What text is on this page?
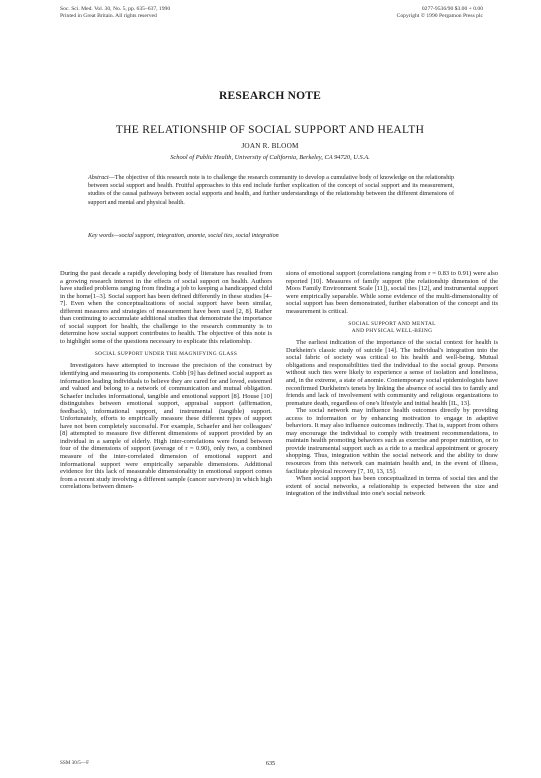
Soc. Sci. Med. Vol. 30, No. 5, pp. 635–637, 1990
Printed in Great Britain. All rights reserved
0277-9536/90 $3.00 + 0.00
Copyright © 1990 Pergamon Press plc
RESEARCH NOTE
THE RELATIONSHIP OF SOCIAL SUPPORT AND HEALTH
JOAN R. BLOOM
School of Public Health, University of California, Berkeley, CA 94720, U.S.A.
Abstract—The objective of this research note is to challenge the research community to develop a cumulative body of knowledge on the relationship between social support and health. Fruitful approaches to this end include further explication of the concept of social support and its measurement, studies of the causal pathways between social supports and health, and further understandings of the relationship between the different dimensions of support and mental and physical health.
Key words—social support, integration, anomie, social ties, social integration

During the past decade a rapidly developing body of literature has resulted from a growing research interest in the effects of social support on health. Authors have studied problems ranging from finding a job to keeping a handicapped child in the home[1–3]. Social support has been defined differently in these studies [4–7]. Even when the conceptualizations of social support have been similar, different measures and strategies of measurement have been used [2, 8]. Rather than continuing to accumulate additional studies that demonstrate the importance of social support for health, the challenge to the research community is to determine how social support contributes to health. The objective of this note is to highlight some of the questions necessary to explicate this relationship.

SOCIAL SUPPORT UNDER THE MAGNIFYING GLASS

Investigators have attempted to increase the precision of the construct by identifying and measuring its components. Cobb [9] has defined social support as information leading individuals to believe they are cared for and loved, esteemed and valued and belong to a network of communication and mutual obligation. Schaefer includes informational, tangible and emotional support [8]. House [10] distinguishes between emotional support, appraisal support (affirmation, feedback), informational support, and instrumental (tangible) support. Unfortunately, efforts to empirically measure these different types of support have not been completely successful. For example, Schaefer and her colleagues' [8] attempted to measure five different dimensions of support provided by an individual in a sample of elderly. High inter-correlations were found between four of the dimensions of support (average of r = 0.90), only two, a combined measure of the inter-correlated dimension of emotional support and informational support were empirically separable dimensions. Additional evidence for this lack of measurable dimensionality in emotional support comes from a recent study involving a different sample (cancer survivors) in which high correlations between dimen-

sions of emotional support (correlations ranging from r = 0.83 to 0.91) were also reported [10]. Measures of family support (the relationship dimension of the Moos Family Environment Scale [11]), social ties [12], and instrumental support were empirically separable. While some evidence of the multi-dimensionality of social support has been demonstrated, further elaboration of the concept and its measurement is critical.

SOCIAL SUPPORT AND MENTAL
AND PHYSICAL WELL-BEING

The earliest indication of the importance of the social context for health is Durkheim's classic study of suicide [14]. The individual's integration into the social fabric of society was critical to his health and well-being. Mutual obligations and responsibilities tied the individual to the social group. Persons without such ties were likely to experience a sense of isolation and loneliness, and, in the extreme, a state of anomie. Contemporary social epidemiologists have reconfirmed Durkheim's tenets by linking the absence of social ties to family and friends and lack of involvement with community and religious organizations to premature death, regardless of one's lifestyle and initial health [IL, 13].

The social network may influence health outcomes directly by providing access to information or by enhancing motivation to engage in adaptive behaviors. It may also influence outcomes indirectly. That is, support from others may encourage the individual to comply with treatment recommendations, to maintain health promoting behaviors such as exercise and proper nutrition, or to provide instrumental support such as a ride to a medical appointment or grocery shopping. Thus, integration within the social network and the ability to draw resources from this network can maintain health and, in the event of illness, facilitate physical recovery [7, 10, 13, 15].

When social support has been conceptualized in terms of social ties and the extent of social networks, a relationship is expected between the size and integration of the individual into one's social network

SSM 30/5—F	635
